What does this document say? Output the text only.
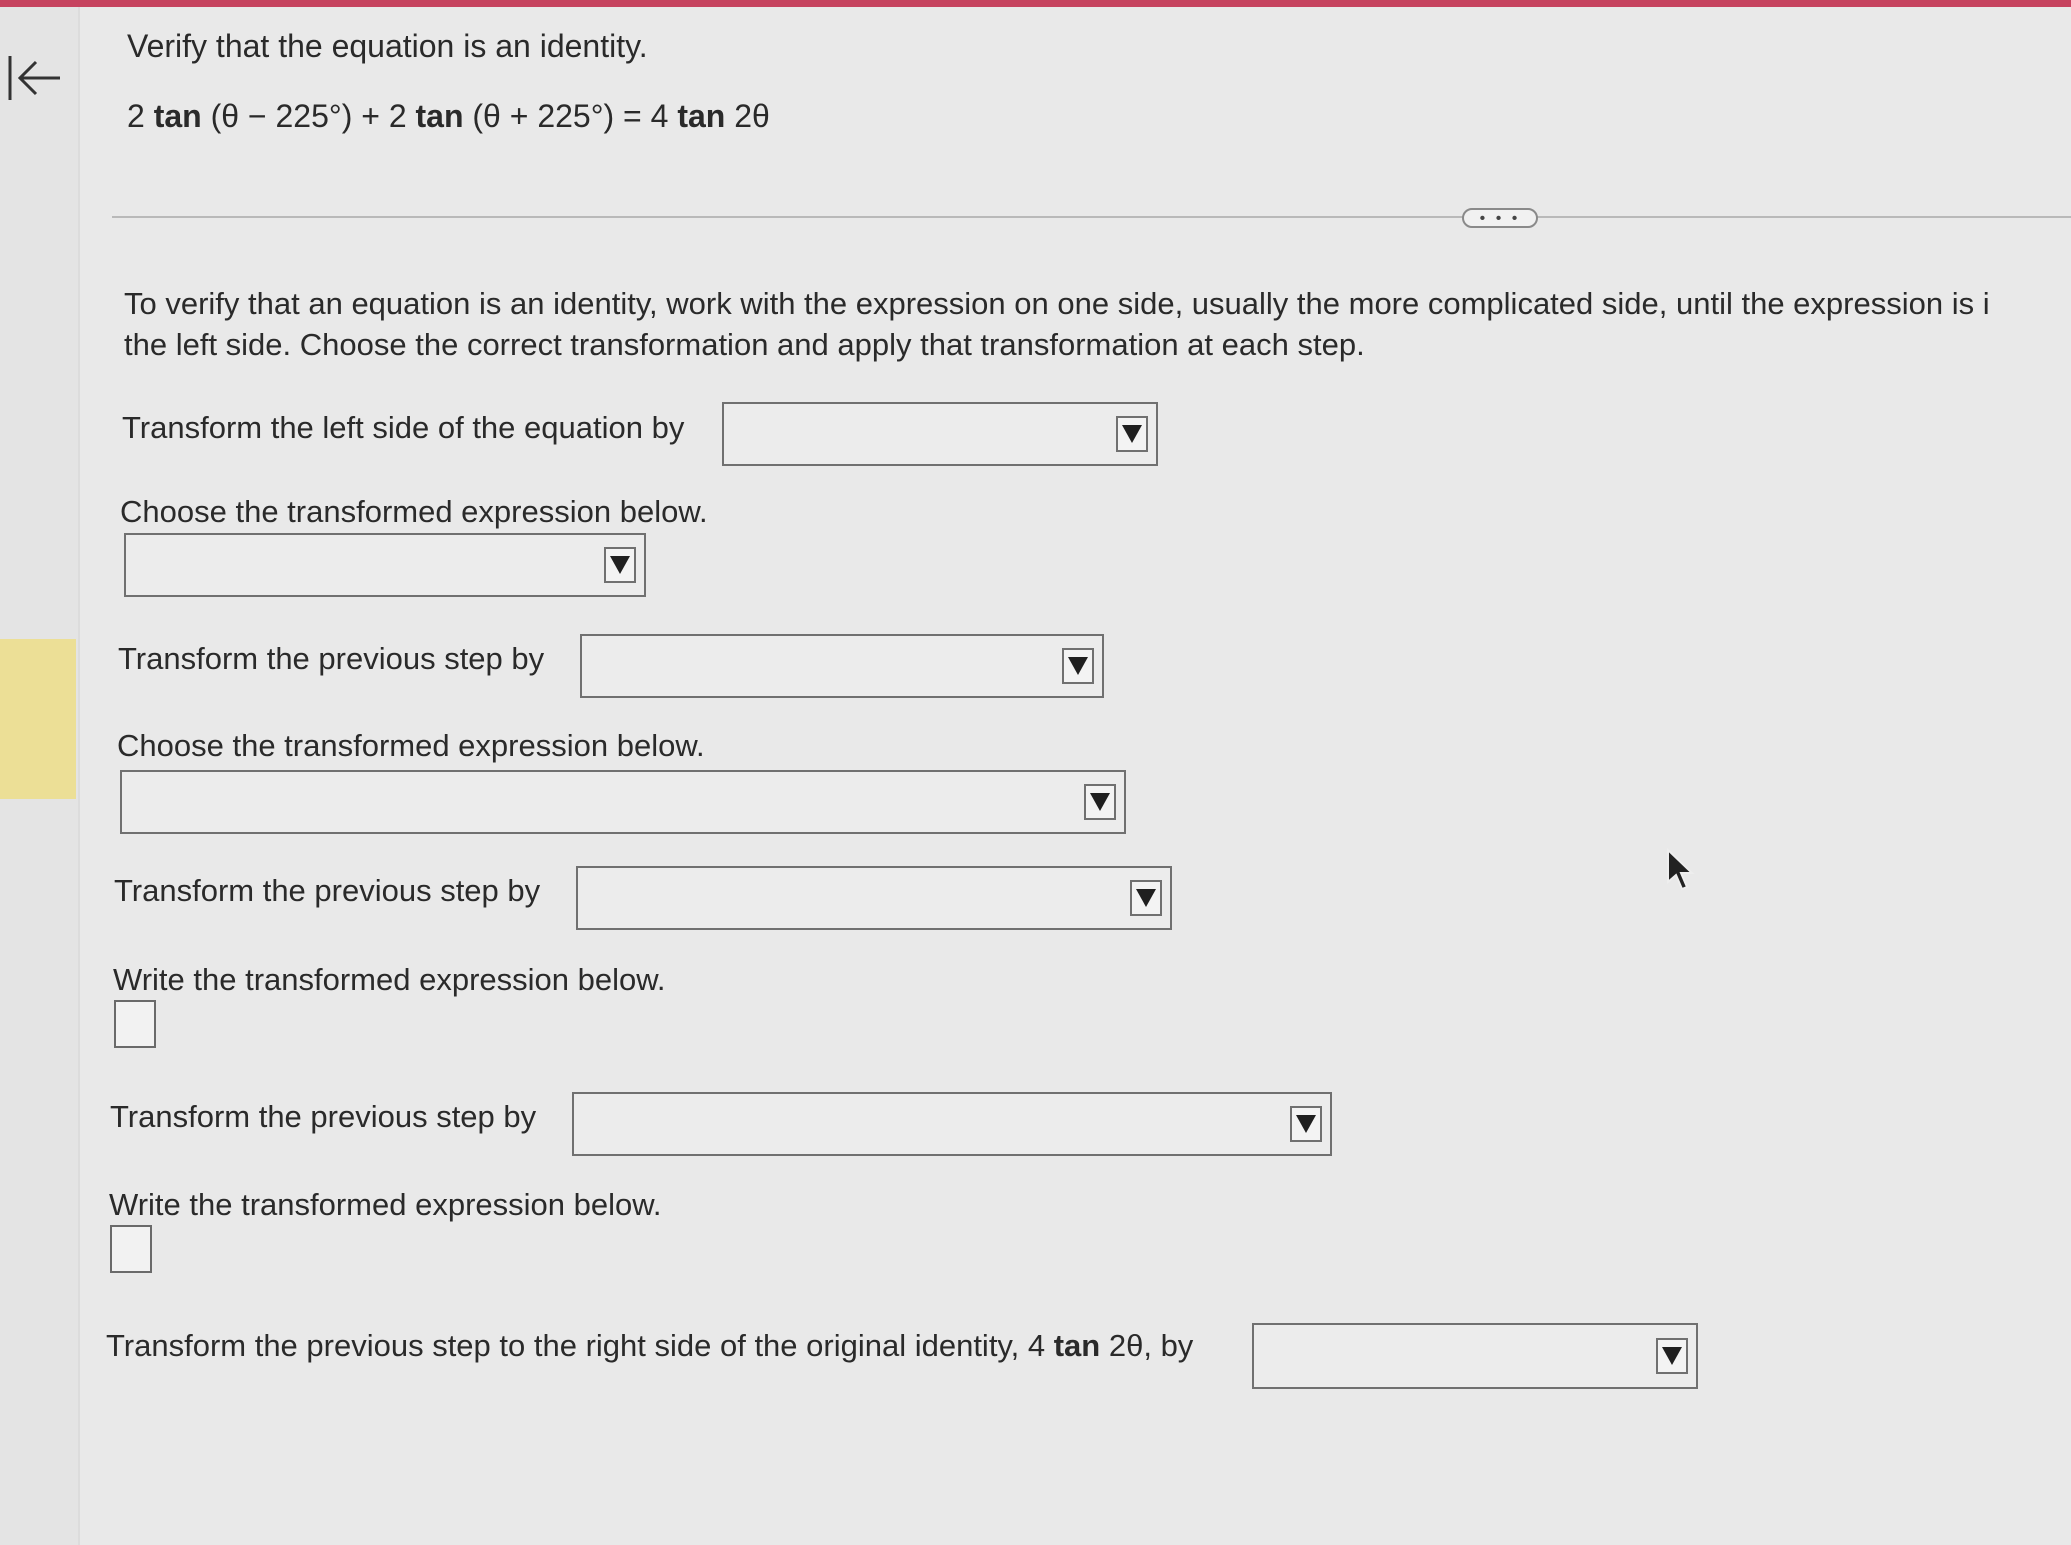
Verify that the equation is an identity.
2 tan (θ − 225°) + 2 tan (θ + 225°) = 4 tan 2θ
• • •
To verify that an equation is an identity, work with the expression on one side, usually the more complicated side, until the expression is i
the left side. Choose the correct transformation and apply that transformation at each step.
Transform the left side of the equation by
Choose the transformed expression below.
Transform the previous step by
Choose the transformed expression below.
Transform the previous step by
Write the transformed expression below.
Transform the previous step by
Write the transformed expression below.
Transform the previous step to the right side of the original identity, 4 tan 2θ, by
